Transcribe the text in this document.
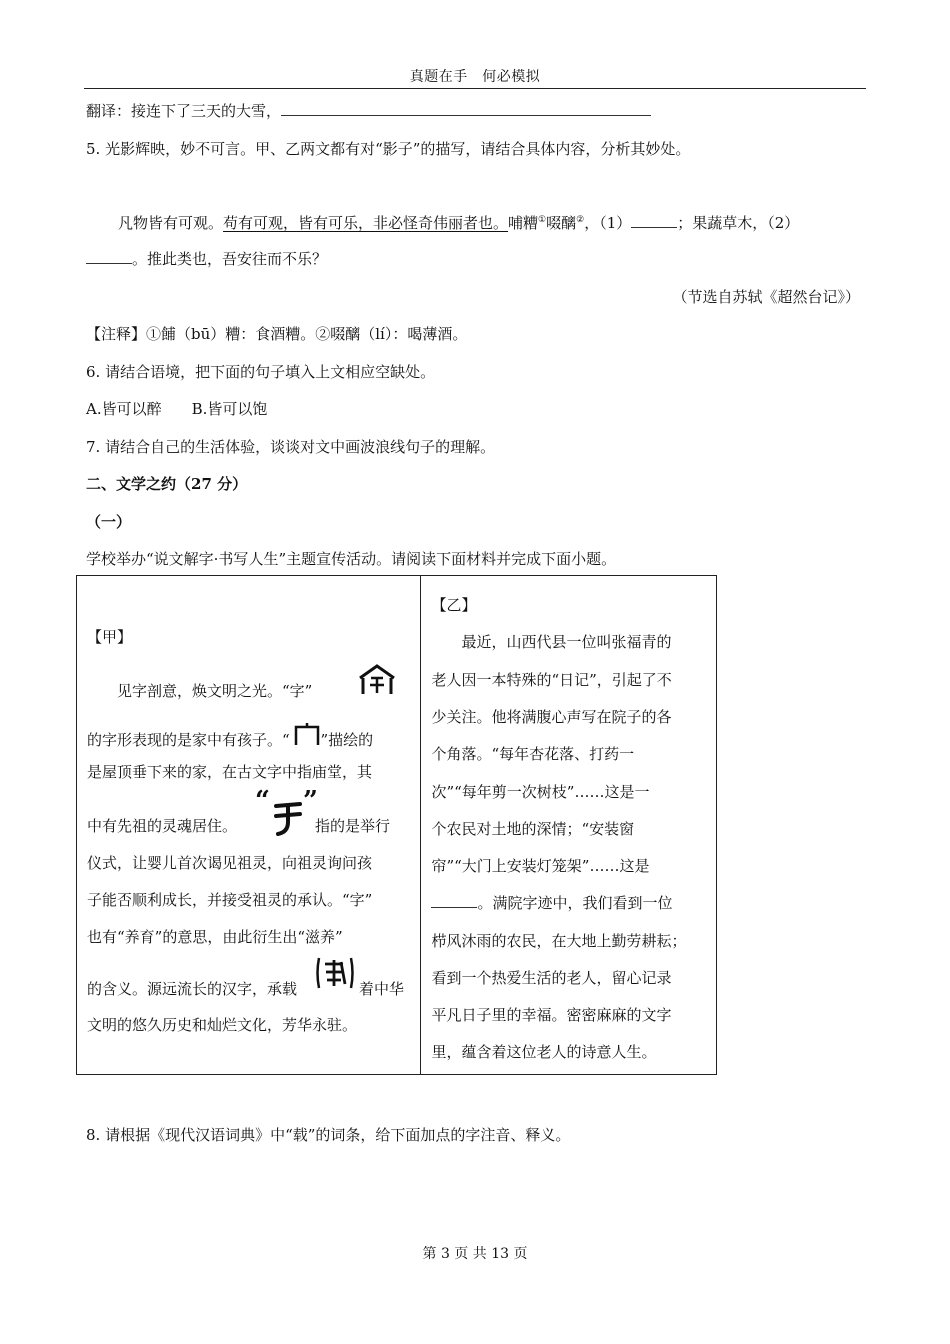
真题在手　何必模拟
翻译：接连下了三天的大雪，
5. 光影辉映，妙不可言。甲、乙两文都有对“影子”的描写，请结合具体内容，分析其妙处。
凡物皆有可观。苟有可观，皆有可乐，非必怪奇伟丽者也。哺糟①啜醨②，（1）	；果蔬草木，（2）
。推此类也，吾安往而不乐？
（节选自苏轼《超然台记》）
【注释】①餔（bū）糟：食酒糟。②啜醨（lí）：喝薄酒。
6. 请结合语境，把下面的句子填入上文相应空缺处。
A.皆可以醉 B.皆可以饱
7. 请结合自己的生活体验，谈谈对文中画波浪线句子的理解。
二、文学之约（27 分）
（一）
学校举办“说文解字·书写人生”主题宣传活动。请阅读下面材料并完成下面小题。
【甲】
见字剖意，焕文明之光。“字”
的字形表现的是家中有孩子。“ ”描绘的
是屋顶垂下来的家，在古文字中指庙堂，其
中有先祖的灵魂居住。
“ ”
指的是举行
仪式，让婴儿首次谒见祖灵，向祖灵询问孩
子能否顺利成长，并接受祖灵的承认。“字”
也有“养育”的意思，由此衍生出“滋养”
的含义。源远流长的汉字，承载	着中华
文明的悠久历史和灿烂文化，芳华永驻。

【乙】
　　最近，山西代县一位叫张福青的
老人因一本特殊的“日记”，引起了不
少关注。他将满腹心声写在院子的各
个角落。“每年杏花落、打药一
次”“每年剪一次树枝”……这是一
个农民对土地的深情；“安装窗
帘”“大门上安装灯笼架”……这是
。满院字迹中，我们看到一位
栉风沐雨的农民，在大地上勤劳耕耘；
看到一个热爱生活的老人，留心记录
平凡日子里的幸福。密密麻麻的文字
里，蕴含着这位老人的诗意人生。
8. 请根据《现代汉语词典》中“载”的词条，给下面加点的字注音、释义。
第 3 页 共 13 页
